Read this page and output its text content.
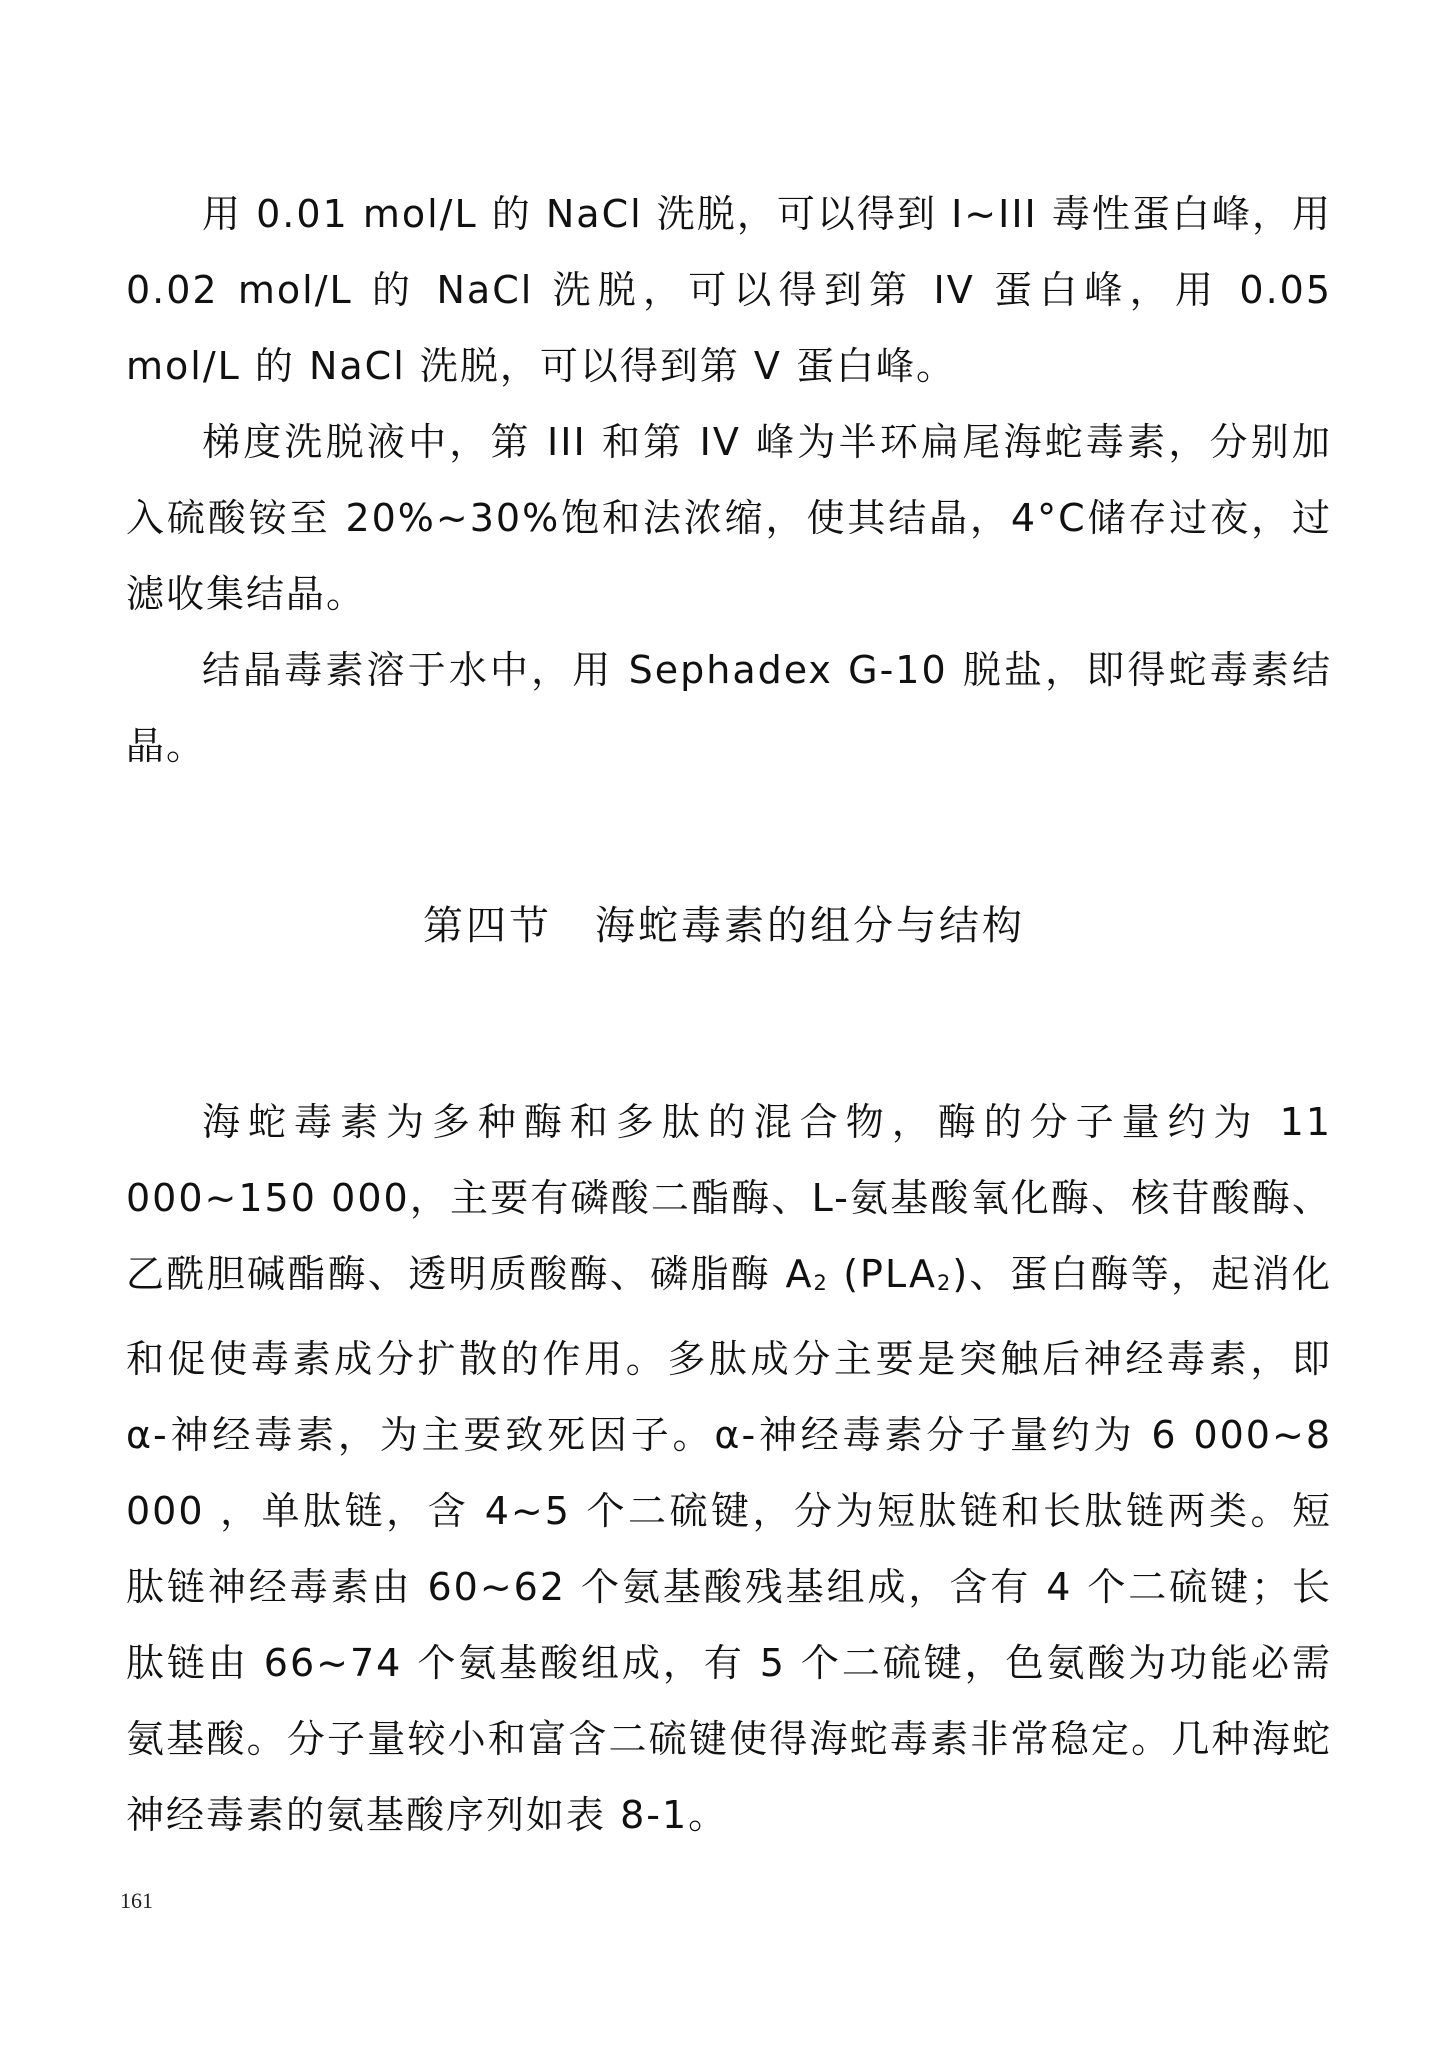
用 0.01 mol/L 的 NaCl 洗脱，可以得到 I~III 毒性蛋白峰，用 0.02 mol/L 的 NaCl 洗脱，可以得到第 IV 蛋白峰，用 0.05 mol/L 的 NaCl 洗脱，可以得到第 V 蛋白峰。

梯度洗脱液中，第 III 和第 IV 峰为半环扁尾海蛇毒素，分别加入硫酸铵至 20%~30%饱和法浓缩，使其结晶，4°C储存过夜，过滤收集结晶。

结晶毒素溶于水中，用 Sephadex G-10 脱盐，即得蛇毒素结晶。

第四节　海蛇毒素的组分与结构

海蛇毒素为多种酶和多肽的混合物，酶的分子量约为 11 000~150 000，主要有磷酸二酯酶、L-氨基酸氧化酶、核苷酸酶、乙酰胆碱酯酶、透明质酸酶、磷脂酶 $A_2$ $(PLA_2)$、蛋白酶等，起消化和促使毒素成分扩散的作用。多肽成分主要是突触后神经毒素，即 α-神经毒素，为主要致死因子。α-神经毒素分子量约为 6 000~8 000 ，单肽链，含 4~5 个二硫键，分为短肽链和长肽链两类。短肽链神经毒素由 60~62 个氨基酸残基组成，含有 4 个二硫键；长肽链由 66~74 个氨基酸组成，有 5 个二硫键，色氨酸为功能必需氨基酸。分子量较小和富含二硫键使得海蛇毒素非常稳定。几种海蛇神经毒素的氨基酸序列如表 8-1。

161
